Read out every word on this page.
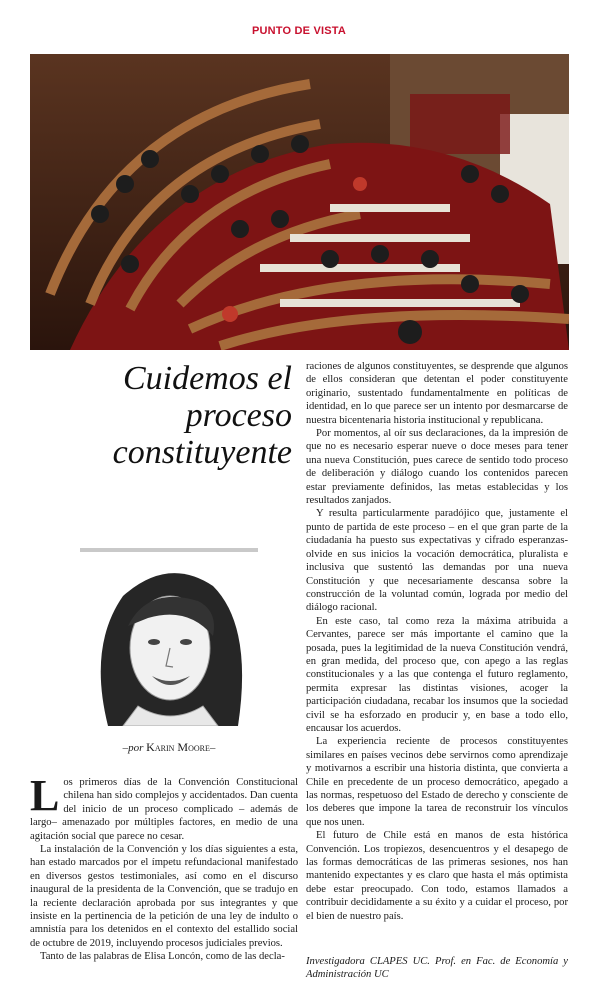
PUNTO DE VISTA
Cuidemos el
proceso
constituyente
–por Karin Moore–

Los primeros días de la Convención Constitucional chilena han sido complejos y accidentados. Dan cuenta del inicio de un proceso complicado – además de largo– amenazado por múltiples factores, en medio de una agitación social que parece no cesar.

La instalación de la Convención y los días siguientes a esta, han estado marcados por el ímpetu refundacional manifestado en diversos gestos testimoniales, así como en el discurso inaugural de la presidenta de la Convención, que se tradujo en la reciente declaración aprobada por sus integrantes y que insiste en la pertinencia de la petición de una ley de indulto o amnistía para los detenidos en el contexto del estallido social de octubre de 2019, incluyendo procesos judiciales previos.

Tanto de las palabras de Elisa Loncón, como de las decla-

raciones de algunos constituyentes, se desprende que algunos de ellos consideran que detentan el poder constituyente originario, sustentado fundamentalmente en políticas de identidad, en lo que parece ser un intento por desmarcarse de nuestra bicentenaria historia institucional y republicana.

Por momentos, al oír sus declaraciones, da la impresión de que no es necesario esperar nueve o doce meses para tener una nueva Constitución, pues carece de sentido todo proceso de deliberación y diálogo cuando los contenidos parecen estar previamente definidos, las metas establecidas y los resultados zanjados.

Y resulta particularmente paradójico que, justamente el punto de partida de este proceso – en el que gran parte de la ciudadanía ha puesto sus expectativas y cifrado esperanzas- olvide en sus inicios la vocación democrática, pluralista e inclusiva que sustentó las demandas por una nueva Constitución y que necesariamente descansa sobre la construcción de la voluntad común, lograda por medio del diálogo racional.

En este caso, tal como reza la máxima atribuida a Cervantes, parece ser más importante el camino que la posada, pues la legitimidad de la nueva Constitución vendrá, en gran medida, del proceso que, con apego a las reglas constitucionales y a las que contenga el futuro reglamento, permita expresar las distintas visiones, acoger la participación ciudadana, recabar los insumos que la sociedad civil se ha esforzado en producir y, en base a todo ello, encausar los acuerdos.

La experiencia reciente de procesos constituyentes similares en países vecinos debe servirnos como aprendizaje y motivarnos a escribir una historia distinta, que convierta a Chile en precedente de un proceso democrático, apegado a las normas, respetuoso del Estado de derecho y consciente de los deberes que impone la tarea de reconstruir los vínculos que nos unen.

El futuro de Chile está en manos de esta histórica Convención. Los tropiezos, desencuentros y el desapego de las formas democráticas de las primeras sesiones, nos han mantenido expectantes y es claro que hasta el más optimista debe estar preocupado. Con todo, estamos llamados a contribuir decididamente a su éxito y a cuidar el proceso, por el bien de nuestro país.

Investigadora CLAPES UC. Prof. en Fac. de Economía y Administración UC
